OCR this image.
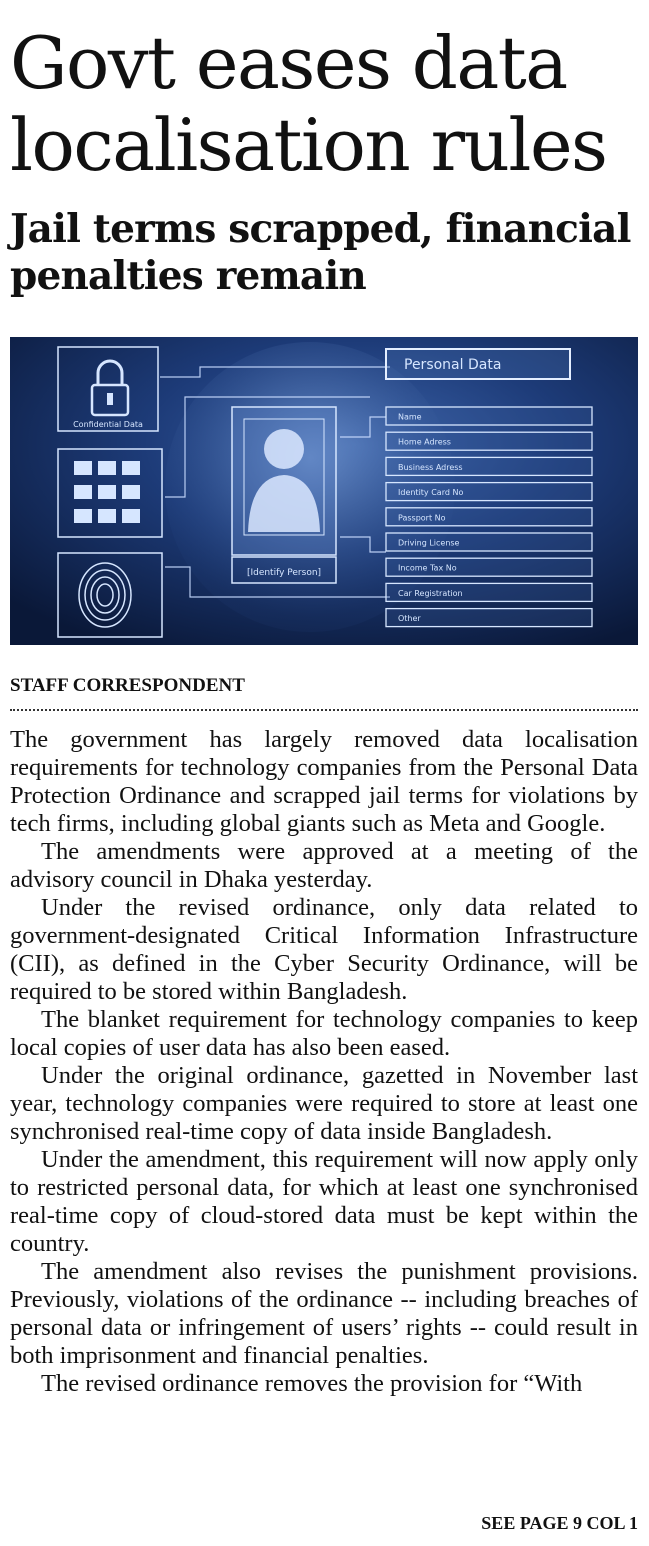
Govt eases data localisation rules
Jail terms scrapped, financial penalties remain
Confidential Data
[Identify Person]
Personal Data
Name
Home Adress
Business Adress
Identity Card No
Passport No
Driving License
Income Tax No
Car Registration
Other

STAFF CORRESPONDENT

The government has largely removed data localisation requirements for technology companies from the Personal Data Protection Ordinance and scrapped jail terms for violations by tech firms, including global giants such as Meta and Google.

The amendments were approved at a meeting of the advisory council in Dhaka yesterday.

Under the revised ordinance, only data related to government-designated Critical Information Infrastructure (CII), as defined in the Cyber Security Ordinance, will be required to be stored within Bangladesh.

The blanket requirement for technology companies to keep local copies of user data has also been eased.

Under the original ordinance, gazetted in November last year, technology companies were required to store at least one synchronised real-time copy of data inside Bangladesh.

Under the amendment, this requirement will now apply only to restricted personal data, for which at least one synchronised real-time copy of cloud-stored data must be kept within the country.

The amendment also revises the punishment provisions. Previously, violations of the ordinance -- including breaches of personal data or infringement of users’ rights -- could result in both imprisonment and financial penalties.

The revised ordinance removes the provision for “With

SEE PAGE 9 COL 1
